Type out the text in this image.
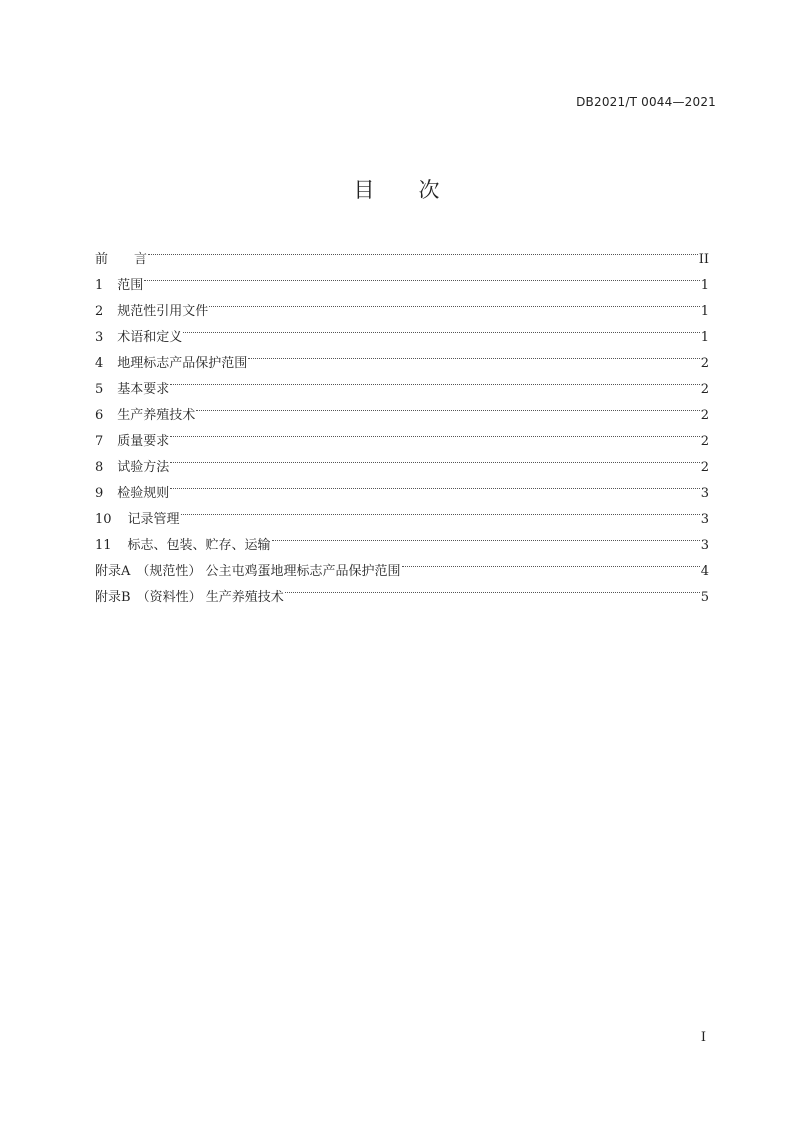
DB2021/T 0044—2021
目次
前 言	II
1 范围	1
2 规范性引用文件	1
3 术语和定义	1
4 地理标志产品保护范围	2
5 基本要求	2
6 生产养殖技术	2
7 质量要求	2
8 试验方法	2
9 检验规则	3
10 记录管理	3
11 标志、包装、贮存、运输	3
附录A （规范性） 公主屯鸡蛋地理标志产品保护范围	4
附录B （资料性） 生产养殖技术	5
I
